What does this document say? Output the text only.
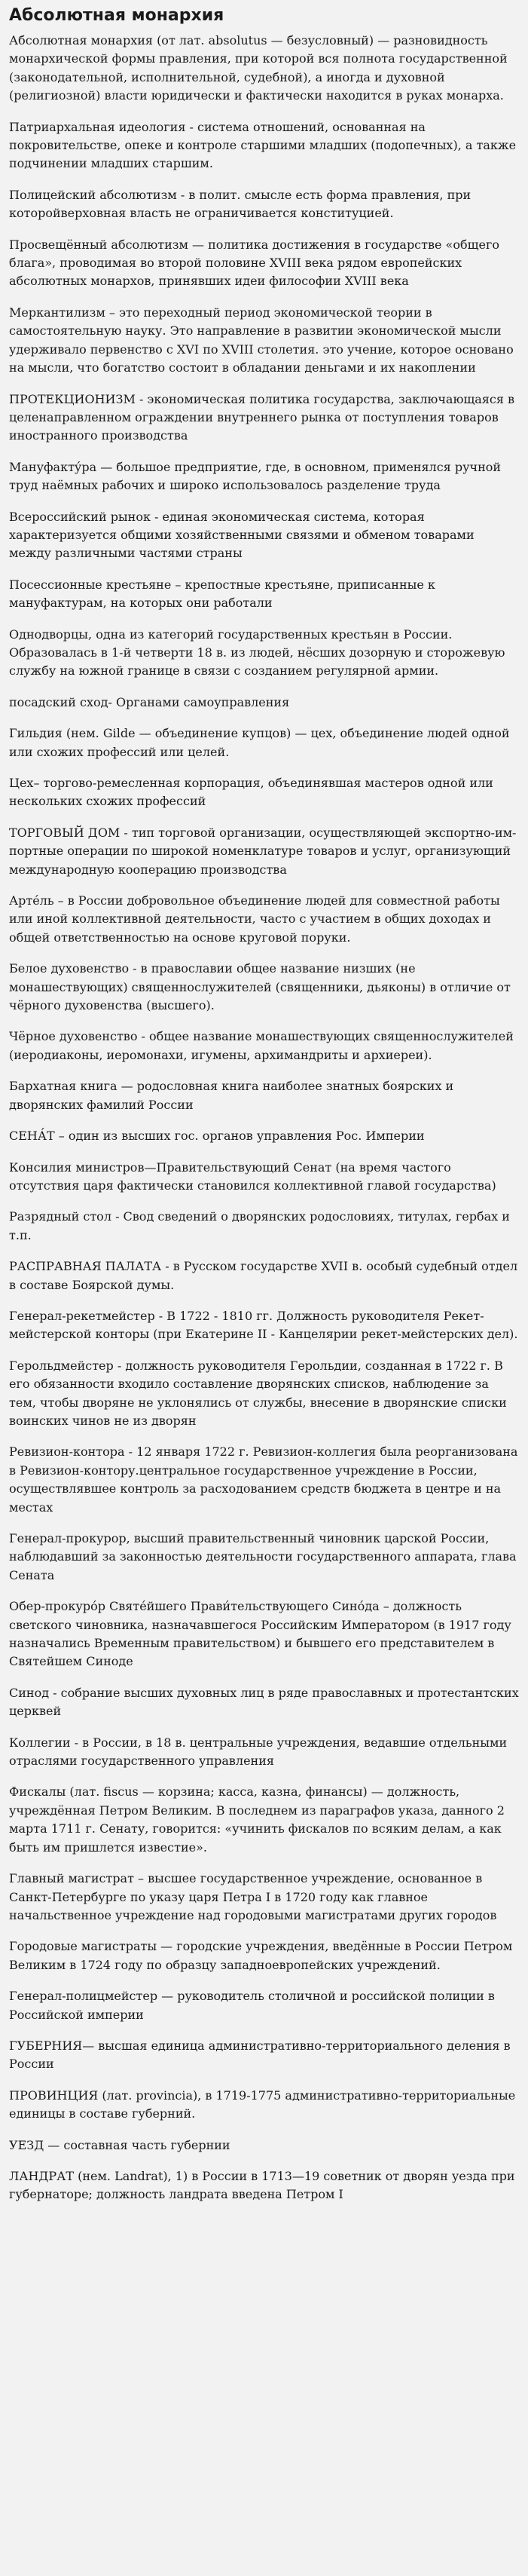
Абсолютная монархия

Абсолютная монархия (от лат. absolutus — безусловный) — разновидность монархической формы правления, при которой вся полнота государственной (законодательной, исполнительной, судебной), а иногда и духовной (религиозной) власти юридически и фактически находится в руках монарха.

Патриархальная идеология - система отношений, основанная на покровительстве, опеке и контроле старшими младших (подопечных), а также подчинении младших старшим.

Полицейский абсолютизм - в полит. смысле есть форма правления, при которойверховная власть не ограничивается конституцией.

Просвещённый абсолютизм — политика достижения в государстве «общего блага», проводимая во второй половине XVIII века рядом европейских абсолютных монархов, принявших идеи философии XVIII века

Меркантилизм – это переходный период экономической теории в самостоятельную науку. Это направление в развитии экономической мысли удерживало первенство с XVI по XVIII столетия. это учение, которое основано на мысли, что богатство состоит в обладании деньгами и их накоплении

ПРОТЕКЦИОНИЗМ - экономическая политика государства, заключающаяся в целенаправленном ограждении внутреннего рынка от поступления товаров иностранного производства

Мануфакту́ра — большое предприятие, где, в основном, применялся ручной труд наёмных рабочих и широко использовалось разделение труда

Всероссийский рынок - единая экономическая система, которая характеризуется общими хозяйственными связями и обменом товарами между различными частями страны

Посессионные крестьяне – крепостные крестьяне, приписанные к мануфактурам, на которых они работали

Однодворцы, одна из категорий государственных крестьян в России. Образовалась в 1-й четверти 18 в. из людей, нёсших дозорную и сторожевую службу на южной границе в связи с созданием регулярной армии.

посадский сход- Органами самоуправления

Гильдия (нем. Gilde — объединение купцов) — цех, объединение людей одной или схожих профессий или целей.

Цех– торгово-ремесленная корпорация, объединявшая мастеров одной или нескольких схожих профессий

ТОРГОВЫЙ ДОМ - тип торговой организации, осуществляющей экспортно-им- портные операции по широкой номенклатуре товаров и услуг, организующий международную кооперацию производства

Арте́ль – в России добровольное объединение людей для совместной работы или иной коллективной деятельности, часто с участием в общих доходах и общей ответственностью на основе круговой поруки.

Белое духовенство - в православии общее название низших (не монашествующих) священнослужителей (священники, дьяконы) в отличие от чёрного духовенства (высшего).

Чёрное духовенство - общее название монашествующих священнослужителей (иеродиаконы, иеромонахи, игумены, архимандриты и архиереи).

Бархатная книга — родословная книга наиболее знатных боярских и дворянских фамилий России

СЕНА́Т – один из высших гос. органов управления Рос. Империи

Консилия министров—Правительствующий Сенат (на время частого отсутствия царя фактически становился коллективной главой государства)

Разрядный стол - Свод сведений о дворянских родословиях, титулах, гербах и т.п.

РАСПРАВНАЯ ПАЛАТА - в Русском государстве XVII в. особый судебный отдел в составе Боярской думы.

Генерал-рекетмейстер - В 1722 - 1810 гг. Должность руководителя Рекет-мейстерской конторы (при Екатерине II - Канцелярии рекет-мейстерских дел).

Герольдмейстер - должность руководителя Герольдии, созданная в 1722 г. В его обязанности входило составление дворянских списков, наблюдение за тем, чтобы дворяне не уклонялись от службы, внесение в дворянские списки воинских чинов не из дворян

Ревизион-контора - 12 января 1722 г. Ревизион-коллегия была реорганизована в Ревизион-контору.центральное государственное учреждение в России, осуществлявшее контроль за расходованием средств бюджета в центре и на местах

Генерал-прокурор, высший правительственный чиновник царской России, наблюдавший за законностью деятельности государственного аппарата, глава Сената

Обер-прокуро́р Святе́йшего Прави́тельствующего Сино́да – должность светского чиновника, назначавшегося Российским Императором (в 1917 году назначались Временным правительством) и бывшего его представителем в Святейшем Синоде

Синод - собрание высших духовных лиц в ряде православных и протестантских церквей

Коллегии - в России, в 18 в. центральные учреждения, ведавшие отдельными отраслями государственного управления

Фискалы (лат. fiscus — корзина; касса, казна, финансы) — должность, учреждённая Петром Великим. В последнем из параграфов указа, данного 2 марта 1711 г. Сенату, говорится: «учинить фискалов по всяким делам, а как быть им пришлется известие».

Главный магистрат – высшее государственное учреждение, основанное в Санкт-Петербурге по указу царя Петра I в 1720 году как главное начальственное учреждение над городовыми магистратами других городов

Городовые магистраты — городские учреждения, введённые в России Петром Великим в 1724 году по образцу западноевропейских учреждений.

Генерал-полицмейстер — руководитель столичной и российской полиции в Российской империи

ГУБЕРНИЯ— высшая единица административно-территориального деления в России

ПРОВИНЦИЯ (лат. provincia), в 1719-1775 административно-территориальные единицы в составе губерний.

УЕЗД — составная часть губернии

ЛАНДРАТ (нем. Landrat), 1) в России в 1713—19 советник от дворян уезда при губернаторе; должность ландрата введена Петром I
